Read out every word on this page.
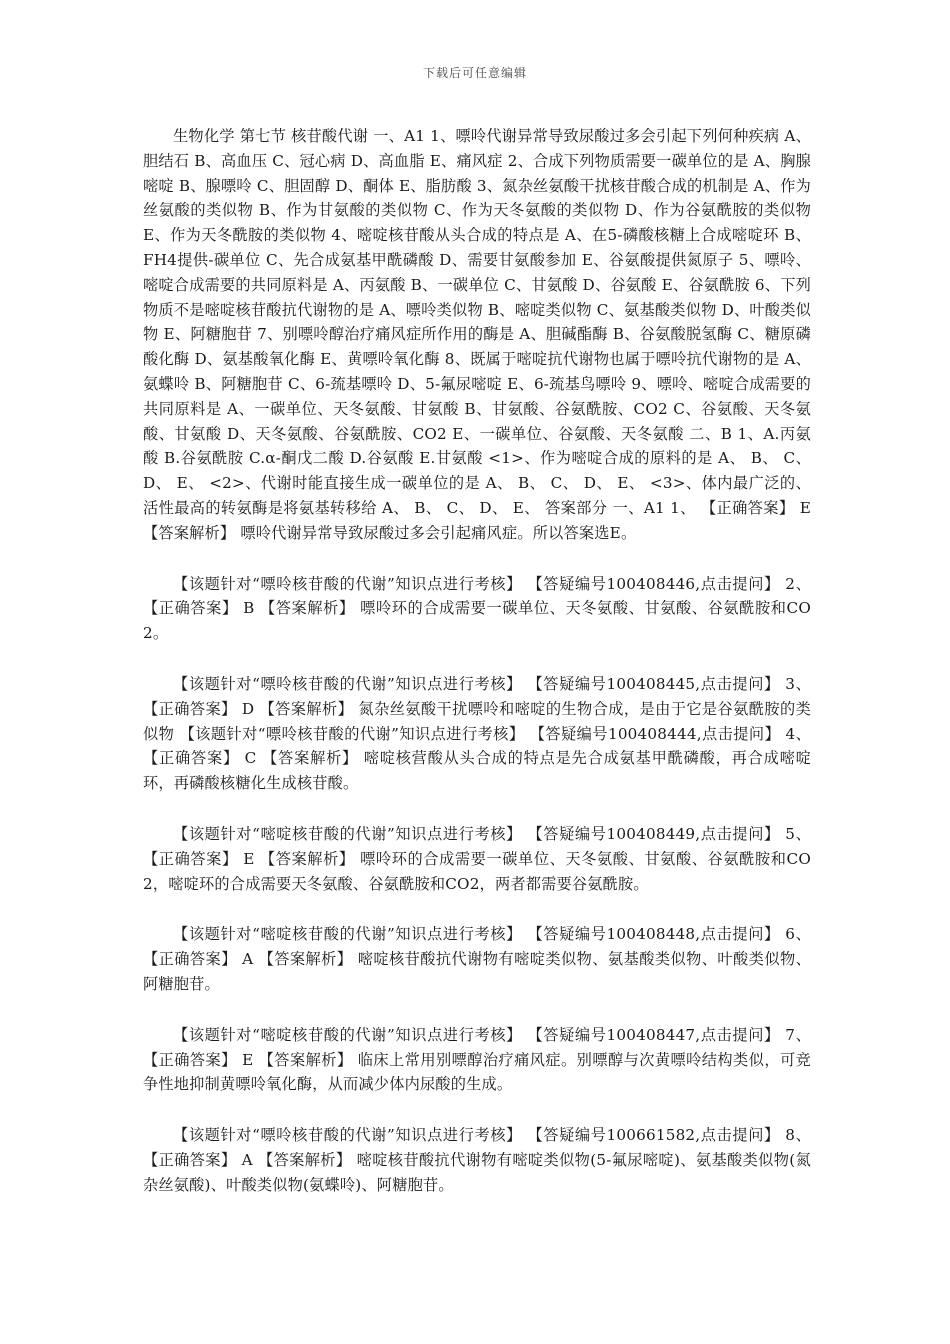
下载后可任意编辑

生物化学 第七节 核苷酸代谢 一、A1 1、嘌呤代谢异常导致尿酸过多会引起下列何种疾病 A、胆结石 B、高血压 C、冠心病 D、高血脂 E、痛风症 2、合成下列物质需要一碳单位的是 A、胸腺嘧啶 B、腺嘌呤 C、胆固醇 D、酮体 E、脂肪酸 3、氮杂丝氨酸干扰核苷酸合成的机制是 A、作为丝氨酸的类似物 B、作为甘氨酸的类似物 C、作为天冬氨酸的类似物 D、作为谷氨酰胺的类似物 E、作为天冬酰胺的类似物 4、嘧啶核苷酸从头合成的特点是 A、在5-磷酸核糖上合成嘧啶环 B、FH4提供-碳单位 C、先合成氨基甲酰磷酸 D、需要甘氨酸参加 E、谷氨酸提供氮原子 5、嘌呤、嘧啶合成需要的共同原料是 A、丙氨酸 B、一碳单位 C、甘氨酸 D、谷氨酸 E、谷氨酰胺 6、下列物质不是嘧啶核苷酸抗代谢物的是 A、嘌呤类似物 B、嘧啶类似物 C、氨基酸类似物 D、叶酸类似物 E、阿糖胞苷 7、别嘌呤醇治疗痛风症所作用的酶是 A、胆碱酯酶 B、谷氨酸脱氢酶 C、糖原磷酸化酶 D、氨基酸氧化酶 E、黄嘌呤氧化酶 8、既属于嘧啶抗代谢物也属于嘌呤抗代谢物的是 A、氨蝶呤 B、阿糖胞苷 C、6-巯基嘌呤 D、5-氟尿嘧啶 E、6-巯基鸟嘌呤 9、嘌呤、嘧啶合成需要的共同原料是 A、一碳单位、天冬氨酸、甘氨酸 B、甘氨酸、谷氨酰胺、CO2 C、谷氨酸、天冬氨酸、甘氨酸 D、天冬氨酸、谷氨酰胺、CO2 E、一碳单位、谷氨酸、天冬氨酸 二、B 1、A.丙氨酸 B.谷氨酰胺 C.α-酮戊二酸 D.谷氨酸 E.甘氨酸 <1>、作为嘧啶合成的原料的是 A、 B、 C、 D、 E、 <2>、代谢时能直接生成一碳单位的是 A、 B、 C、 D、 E、 <3>、体内最广泛的、活性最高的转氨酶是将氨基转移给 A、 B、 C、 D、 E、 答案部分 一、A1 1、 【正确答案】 E 【答案解析】 嘌呤代谢异常导致尿酸过多会引起痛风症。所以答案选E。

【该题针对“嘌呤核苷酸的代谢”知识点进行考核】 【答疑编号100408446,点击提问】 2、 【正确答案】 B 【答案解析】 嘌呤环的合成需要一碳单位、天冬氨酸、甘氨酸、谷氨酰胺和CO2。

【该题针对“嘌呤核苷酸的代谢”知识点进行考核】 【答疑编号100408445,点击提问】 3、 【正确答案】 D 【答案解析】 氮杂丝氨酸干扰嘌呤和嘧啶的生物合成，是由于它是谷氨酰胺的类似物 【该题针对“嘌呤核苷酸的代谢”知识点进行考核】 【答疑编号100408444,点击提问】 4、 【正确答案】 C 【答案解析】 嘧啶核营酸从头合成的特点是先合成氨基甲酰磷酸，再合成嘧啶环，再磷酸核糖化生成核苷酸。

【该题针对“嘧啶核苷酸的代谢”知识点进行考核】 【答疑编号100408449,点击提问】 5、 【正确答案】 E 【答案解析】 嘌呤环的合成需要一碳单位、天冬氨酸、甘氨酸、谷氨酰胺和CO2，嘧啶环的合成需要天冬氨酸、谷氨酰胺和CO2，两者都需要谷氨酰胺。

【该题针对“嘧啶核苷酸的代谢”知识点进行考核】 【答疑编号100408448,点击提问】 6、 【正确答案】 A 【答案解析】 嘧啶核苷酸抗代谢物有嘧啶类似物、氨基酸类似物、叶酸类似物、阿糖胞苷。

【该题针对“嘧啶核苷酸的代谢”知识点进行考核】 【答疑编号100408447,点击提问】 7、 【正确答案】 E 【答案解析】 临床上常用别嘌醇治疗痛风症。别嘌醇与次黄嘌呤结构类似，可竞争性地抑制黄嘌呤氧化酶，从而减少体内尿酸的生成。

【该题针对“嘌呤核苷酸的代谢”知识点进行考核】 【答疑编号100661582,点击提问】 8、 【正确答案】 A 【答案解析】 嘧啶核苷酸抗代谢物有嘧啶类似物(5-氟尿嘧啶)、氨基酸类似物(氮杂丝氨酸)、叶酸类似物(氨蝶呤)、阿糖胞苷。
